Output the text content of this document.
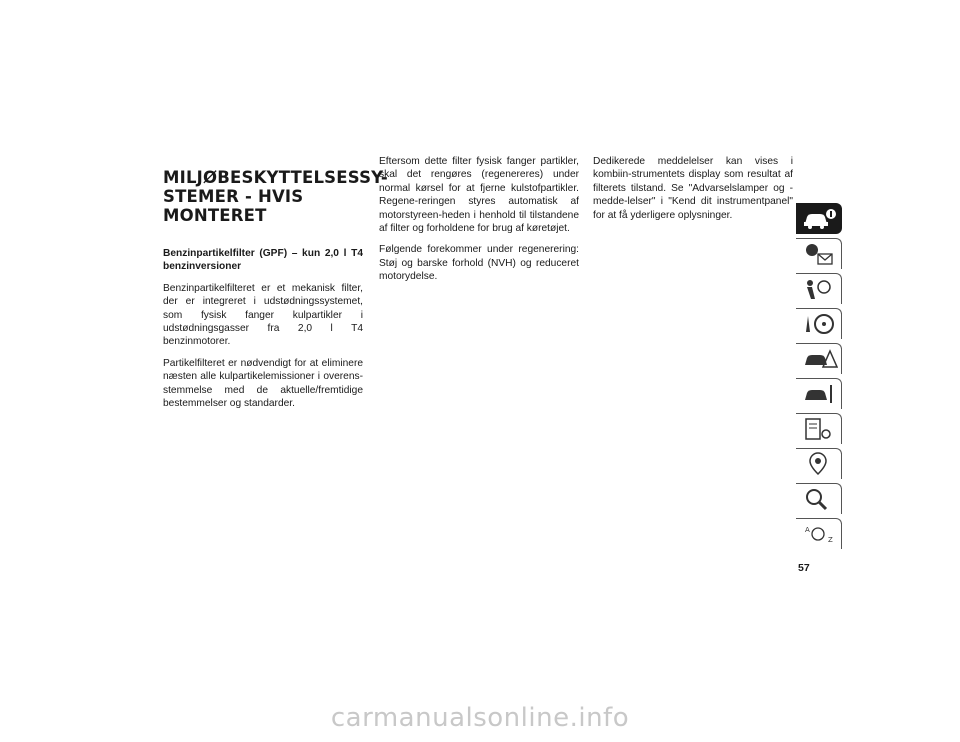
MILJØBESKYTTELSESSY-
STEMER - HVIS MONTERET

Benzinpartikelfilter (GPF) – kun 2,0 l T4 benzinversioner

Benzinpartikelfilteret er et mekanisk filter, der er integreret i udstødningssystemet, som fysisk fanger kulpartikler i udstødningsgasser fra 2,0 l T4 benzinmotorer.

Partikelfilteret er nødvendigt for at eliminere næsten alle kulpartikelemissioner i overens-stemmelse med de aktuelle/fremtidige bestemmelser og standarder.

Eftersom dette filter fysisk fanger partikler, skal det rengøres (regenereres) under normal kørsel for at fjerne kulstofpartikler. Regene-reringen styres automatisk af motorstyreen-heden i henhold til tilstandene af filter og forholdene for brug af køretøjet.

Følgende forekommer under regenerering: Støj og barske forhold (NVH) og reduceret motorydelse.

Dedikerede meddelelser kan vises i kombiin-strumentets display som resultat af filterets tilstand. Se "Advarselslamper og -medde-lelser" i "Kend dit instrumentpanel" for at få yderligere oplysninger.

A
Z
57
carmanualsonline.info
